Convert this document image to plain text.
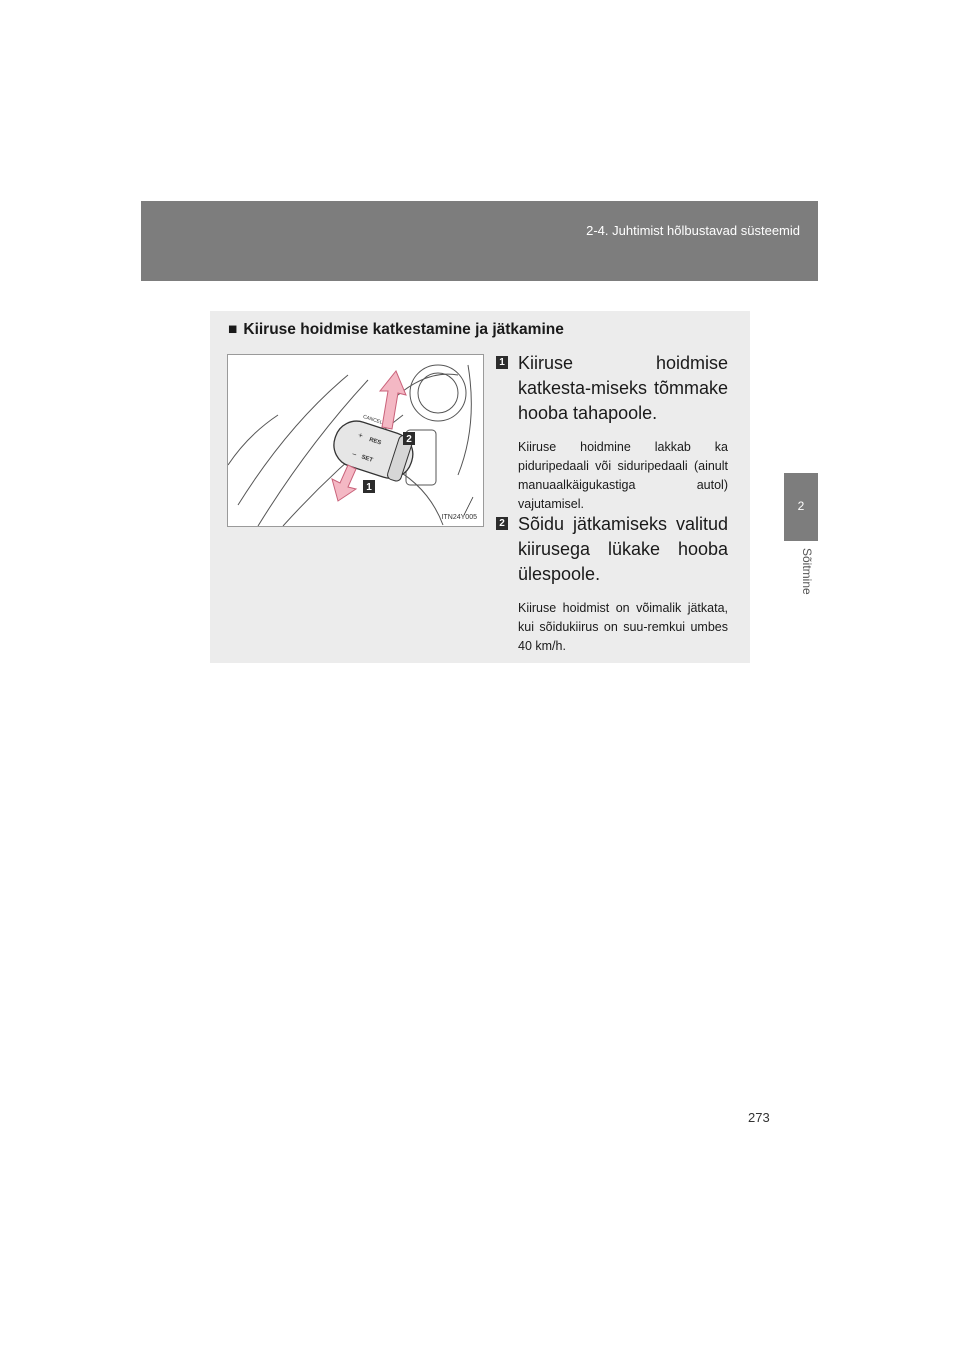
2-4. Juhtimist hõlbustavad süsteemid
2
Sõitmine
■ Kiiruse hoidmise katkestamine ja jätkamine
CANCEL
RES
SET
+
−
2
1
ITN24Y005
1 Kiiruse hoidmise katkesta-miseks tõmmake hooba tahapoole.
Kiiruse hoidmine lakkab ka piduripedaali või siduripedaali (ainult manuaalkäigukastiga autol) vajutamisel.
2 Sõidu jätkamiseks valitud kiirusega lükake hooba ülespoole.
Kiiruse hoidmist on võimalik jätkata, kui sõidukiirus on suu-remkui umbes 40 km/h.
273
